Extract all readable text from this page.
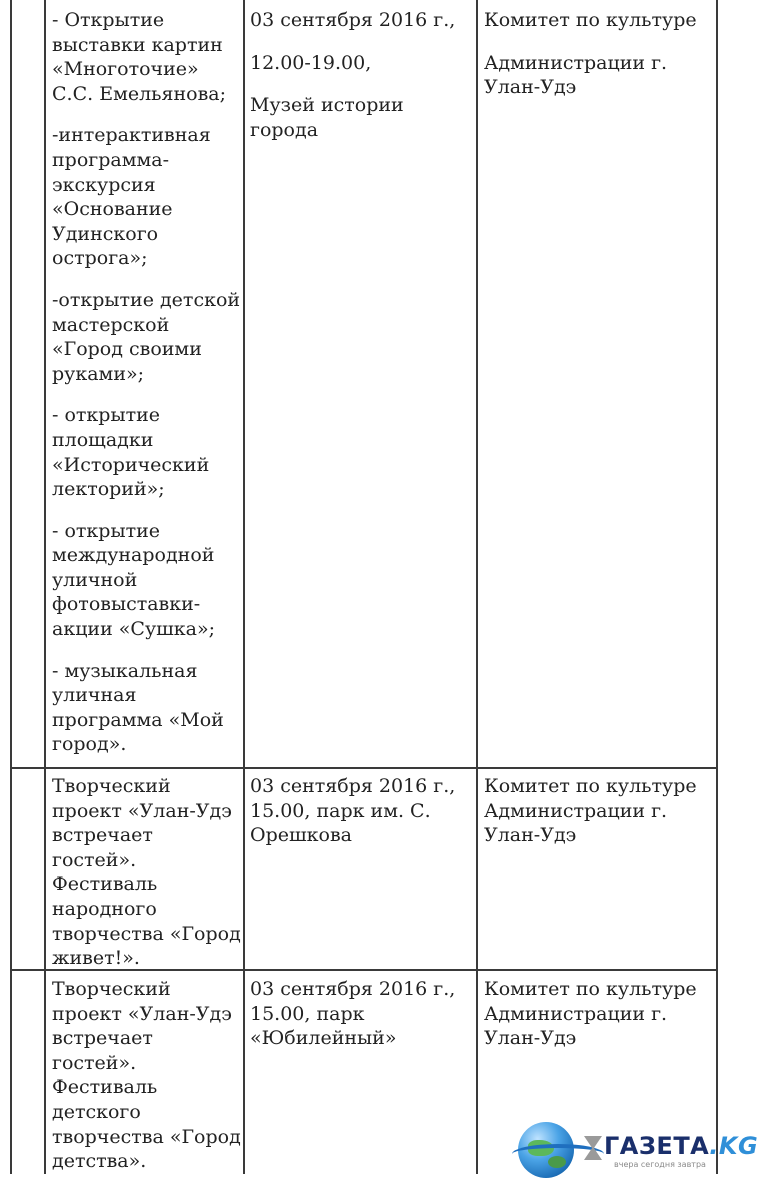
- Открытие выставки картин «Многоточие» С.С. Емельянова;

-интерактивная программа-экскурсия «Основание Удинского острога»;

-открытие детской мастерской «Город своими руками»;

- открытие площадки «Исторический лекторий»;

- открытие международной уличной фотовыставки-акции «Сушка»;

- музыкальная уличная программа «Мой город».

03 сентября 2016 г.,

12.00-19.00,

Музей истории города

Комитет по культуре

Администрации г. Улан-Удэ

Творческий проект «Улан-Удэ встречает гостей». Фестиваль народного творчества «Город живет!».

03 сентября 2016 г., 15.00, парк им. С. Орешкова

Комитет по культуре Администрации г. Улан-Удэ

Творческий проект «Улан-Удэ встречает гостей». Фестиваль детского творчества «Город детства».

03 сентября 2016 г., 15.00, парк «Юбилейный»

Комитет по культуре Администрации г. Улан-Удэ

ГАЗЕТА.KG
вчера сегодня завтра
